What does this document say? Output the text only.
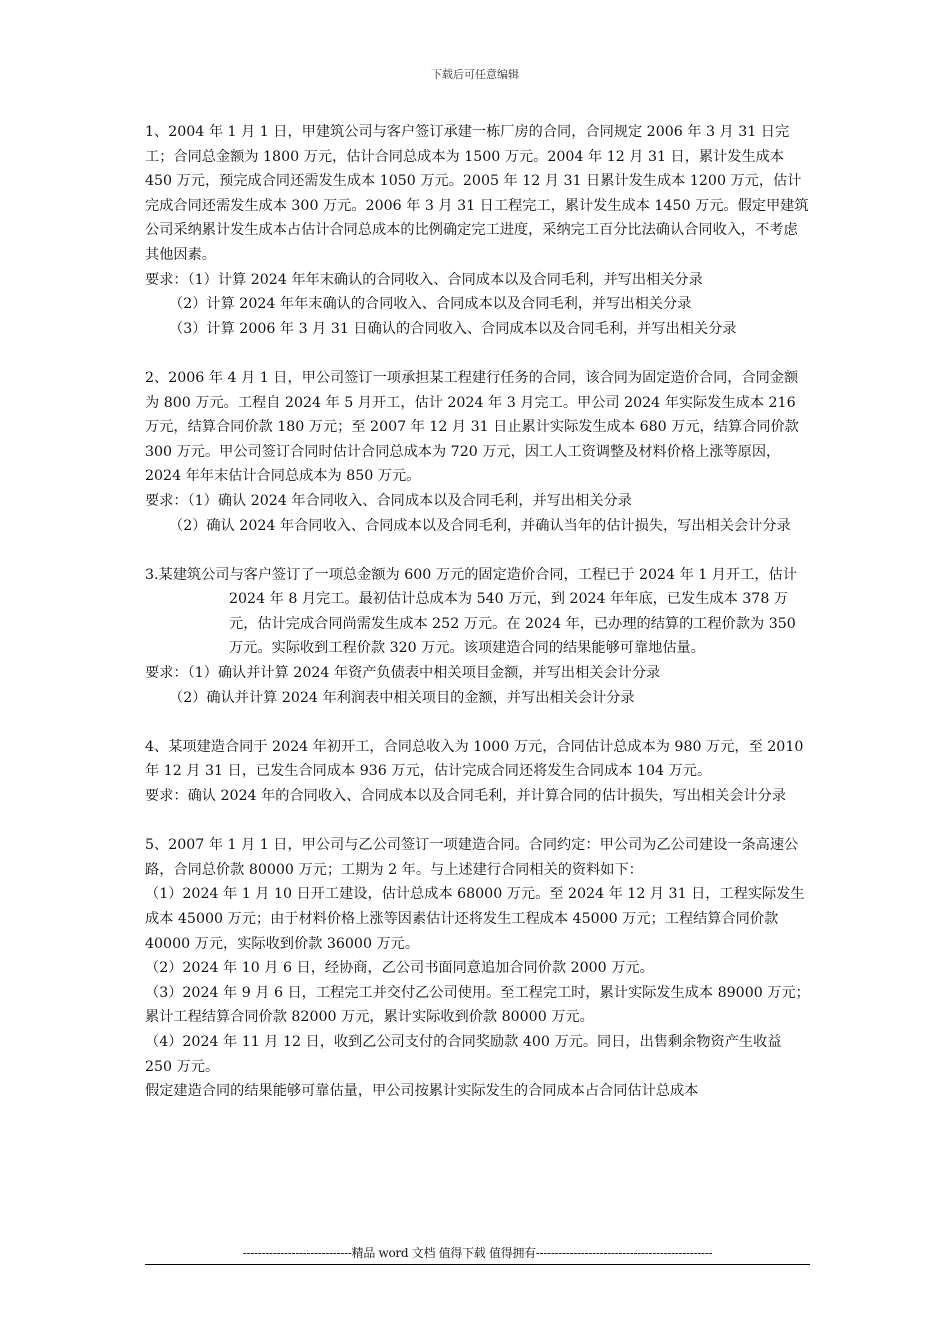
下载后可任意编辑

1、2004 年 1 月 1 日，甲建筑公司与客户签订承建一栋厂房的合同，合同规定 2006 年 3 月 31 日完工；合同总金额为 1800 万元，估计合同总成本为 1500 万元。2004 年 12 月 31 日，累计发生成本 450 万元，预完成合同还需发生成本 1050 万元。2005 年 12 月 31 日累计发生成本 1200 万元，估计完成合同还需发生成本 300 万元。2006 年 3 月 31 日工程完工，累计发生成本 1450 万元。假定甲建筑公司采纳累计发生成本占估计合同总成本的比例确定完工进度，采纳完工百分比法确认合同收入，不考虑其他因素。

要求：（1）计算 2024 年年末确认的合同收入、合同成本以及合同毛利，并写出相关分录

（2）计算 2024 年年末确认的合同收入、合同成本以及合同毛利，并写出相关分录

（3）计算 2006 年 3 月 31 日确认的合同收入、合同成本以及合同毛利，并写出相关分录

2、2006 年 4 月 1 日，甲公司签订一项承担某工程建行任务的合同，该合同为固定造价合同，合同金额为 800 万元。工程自 2024 年 5 月开工，估计 2024 年 3 月完工。甲公司 2024 年实际发生成本 216 万元，结算合同价款 180 万元；至 2007 年 12 月 31 日止累计实际发生成本 680 万元，结算合同价款 300 万元。甲公司签订合同时估计合同总成本为 720 万元，因工人工资调整及材料价格上涨等原因，2024 年年末估计合同总成本为 850 万元。

要求：（1）确认 2024 年合同收入、合同成本以及合同毛利，并写出相关分录

（2）确认 2024 年合同收入、合同成本以及合同毛利，并确认当年的估计损失，写出相关会计分录

3.某建筑公司与客户签订了一项总金额为 600 万元的固定造价合同，工程已于 2024 年 1 月开工，估计 2024 年 8 月完工。最初估计总成本为 540 万元，到 2024 年年底，已发生成本 378 万元，估计完成合同尚需发生成本 252 万元。在 2024 年，已办理的结算的工程价款为 350 万元。实际收到工程价款 320 万元。该项建造合同的结果能够可靠地估量。

要求：（1）确认并计算 2024 年资产负债表中相关项目金额，并写出相关会计分录

（2）确认并计算 2024 年利润表中相关项目的金额，并写出相关会计分录

4、某项建造合同于 2024 年初开工，合同总收入为 1000 万元，合同估计总成本为 980 万元，至 2010 年 12 月 31 日，已发生合同成本 936 万元，估计完成合同还将发生合同成本 104 万元。

要求：确认 2024 年的合同收入、合同成本以及合同毛利，并计算合同的估计损失，写出相关会计分录

5、2007 年 1 月 1 日，甲公司与乙公司签订一项建造合同。合同约定：甲公司为乙公司建设一条高速公路，合同总价款 80000 万元；工期为 2 年。与上述建行合同相关的资料如下：

（1）2024 年 1 月 10 日开工建设，估计总成本 68000 万元。至 2024 年 12 月 31 日，工程实际发生成本 45000 万元；由于材料价格上涨等因素估计还将发生工程成本 45000 万元；工程结算合同价款 40000 万元，实际收到价款 36000 万元。

（2）2024 年 10 月 6 日，经协商，乙公司书面同意追加合同价款 2000 万元。

（3）2024 年 9 月 6 日，工程完工并交付乙公司使用。至工程完工时，累计实际发生成本 89000 万元；累计工程结算合同价款 82000 万元，累计实际收到价款 80000 万元。

（4）2024 年 11 月 12 日，收到乙公司支付的合同奖励款 400 万元。同日，出售剩余物资产生收益 250 万元。

假定建造合同的结果能够可靠估量，甲公司按累计实际发生的合同成本占合同估计总成本

-----------------------------精品 word 文档 值得下载 值得拥有-----------------------------------------------
